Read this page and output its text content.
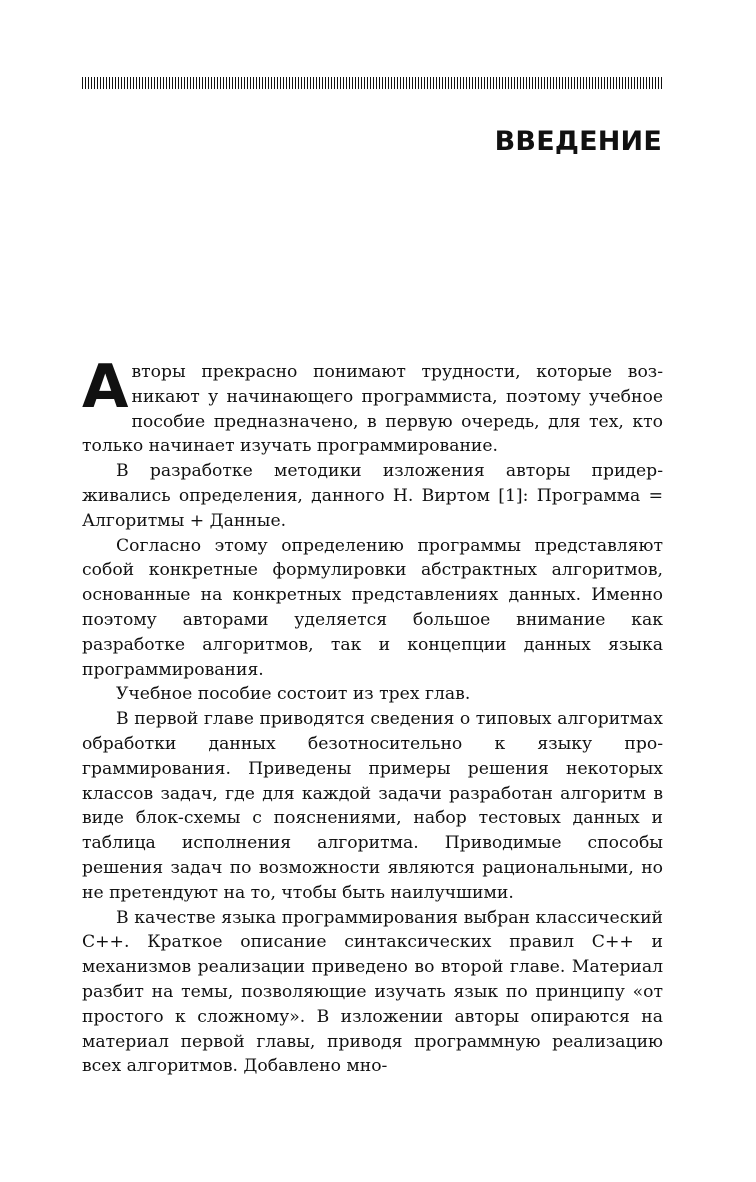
ВВЕДЕНИЕ

Авторы прекрасно понимают трудности, которые возникают у начинающего программиста, поэтому учебное пособие предназначено, в первую очередь, для тех, кто только начинает изучать программирование.

В разработке методики изложения авторы придерживались определения, данного Н. Виртом [1]: Программа = Алгоритмы + Данные.

Согласно этому определению программы представляют собой конкретные формулировки абстрактных алгоритмов, основанные на конкретных представлениях данных. Именно поэтому авторами уделяется большое внимание как разработке алгоритмов, так и концепции данных языка программирования.

Учебное пособие состоит из трех глав.

В первой главе приводятся сведения о типовых алгоритмах обработки данных безотносительно к языку программирования. Приведены примеры решения некоторых классов задач, где для каждой задачи разработан алгоритм в виде блок-схемы с пояснениями, набор тестовых данных и таблица исполнения алгоритма. Приводимые способы решения задач по возможности являются рациональными, но не претендуют на то, чтобы быть наилучшими.

В качестве языка программирования выбран классический С++. Краткое описание синтаксических правил С++ и механизмов реализации приведено во второй главе. Материал разбит на темы, позволяющие изучать язык по принципу «от простого к сложному». В изложении авторы опираются на материал первой главы, приводя программную реализацию всех алгоритмов. Добавлено мно-
